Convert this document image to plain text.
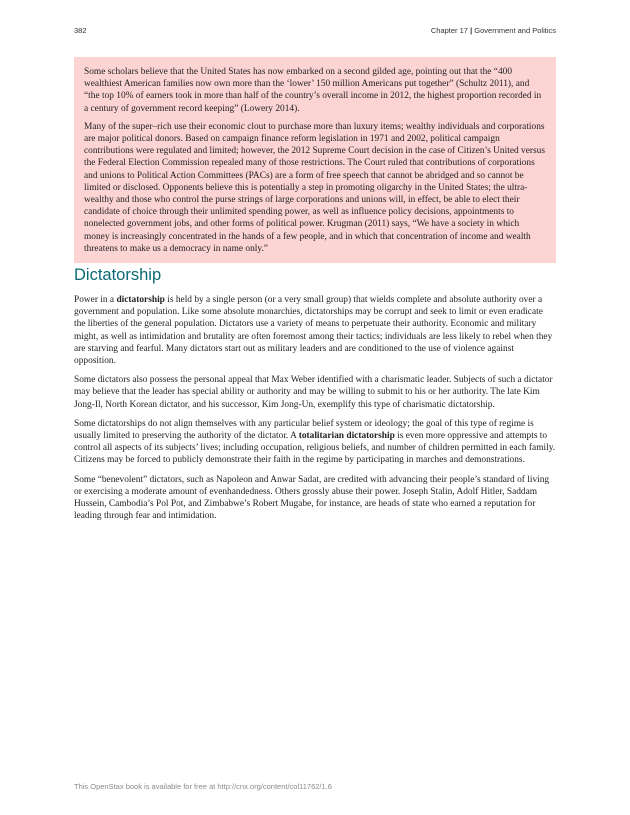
382	Chapter 17 | Government and Politics

Some scholars believe that the United States has now embarked on a second gilded age, pointing out that the “400 wealthiest American families now own more than the ‘lower’ 150 million Americans put together” (Schultz 2011), and “the top 10% of earners took in more than half of the country’s overall income in 2012, the highest proportion recorded in a century of government record keeping” (Lowery 2014).

Many of the super–rich use their economic clout to purchase more than luxury items; wealthy individuals and corporations are major political donors. Based on campaign finance reform legislation in 1971 and 2002, political campaign contributions were regulated and limited; however, the 2012 Supreme Court decision in the case of Citizen’s United versus the Federal Election Commission repealed many of those restrictions. The Court ruled that contributions of corporations and unions to Political Action Committees (PACs) are a form of free speech that cannot be abridged and so cannot be limited or disclosed. Opponents believe this is potentially a step in promoting oligarchy in the United States; the ultra-wealthy and those who control the purse strings of large corporations and unions will, in effect, be able to elect their candidate of choice through their unlimited spending power, as well as influence policy decisions, appointments to nonelected government jobs, and other forms of political power. Krugman (2011) says, “We have a society in which money is increasingly concentrated in the hands of a few people, and in which that concentration of income and wealth threatens to make us a democracy in name only.”

Dictatorship

Power in a dictatorship is held by a single person (or a very small group) that wields complete and absolute authority over a government and population. Like some absolute monarchies, dictatorships may be corrupt and seek to limit or even eradicate the liberties of the general population. Dictators use a variety of means to perpetuate their authority. Economic and military might, as well as intimidation and brutality are often foremost among their tactics; individuals are less likely to rebel when they are starving and fearful. Many dictators start out as military leaders and are conditioned to the use of violence against opposition.

Some dictators also possess the personal appeal that Max Weber identified with a charismatic leader. Subjects of such a dictator may believe that the leader has special ability or authority and may be willing to submit to his or her authority. The late Kim Jong-Il, North Korean dictator, and his successor, Kim Jong-Un, exemplify this type of charismatic dictatorship.

Some dictatorships do not align themselves with any particular belief system or ideology; the goal of this type of regime is usually limited to preserving the authority of the dictator. A totalitarian dictatorship is even more oppressive and attempts to control all aspects of its subjects’ lives; including occupation, religious beliefs, and number of children permitted in each family. Citizens may be forced to publicly demonstrate their faith in the regime by participating in marches and demonstrations.

Some “benevolent” dictators, such as Napoleon and Anwar Sadat, are credited with advancing their people’s standard of living or exercising a moderate amount of evenhandedness. Others grossly abuse their power. Joseph Stalin, Adolf Hitler, Saddam Hussein, Cambodia’s Pol Pot, and Zimbabwe’s Robert Mugabe, for instance, are heads of state who earned a reputation for leading through fear and intimidation.

This OpenStax book is available for free at http://cnx.org/content/col11762/1.6
